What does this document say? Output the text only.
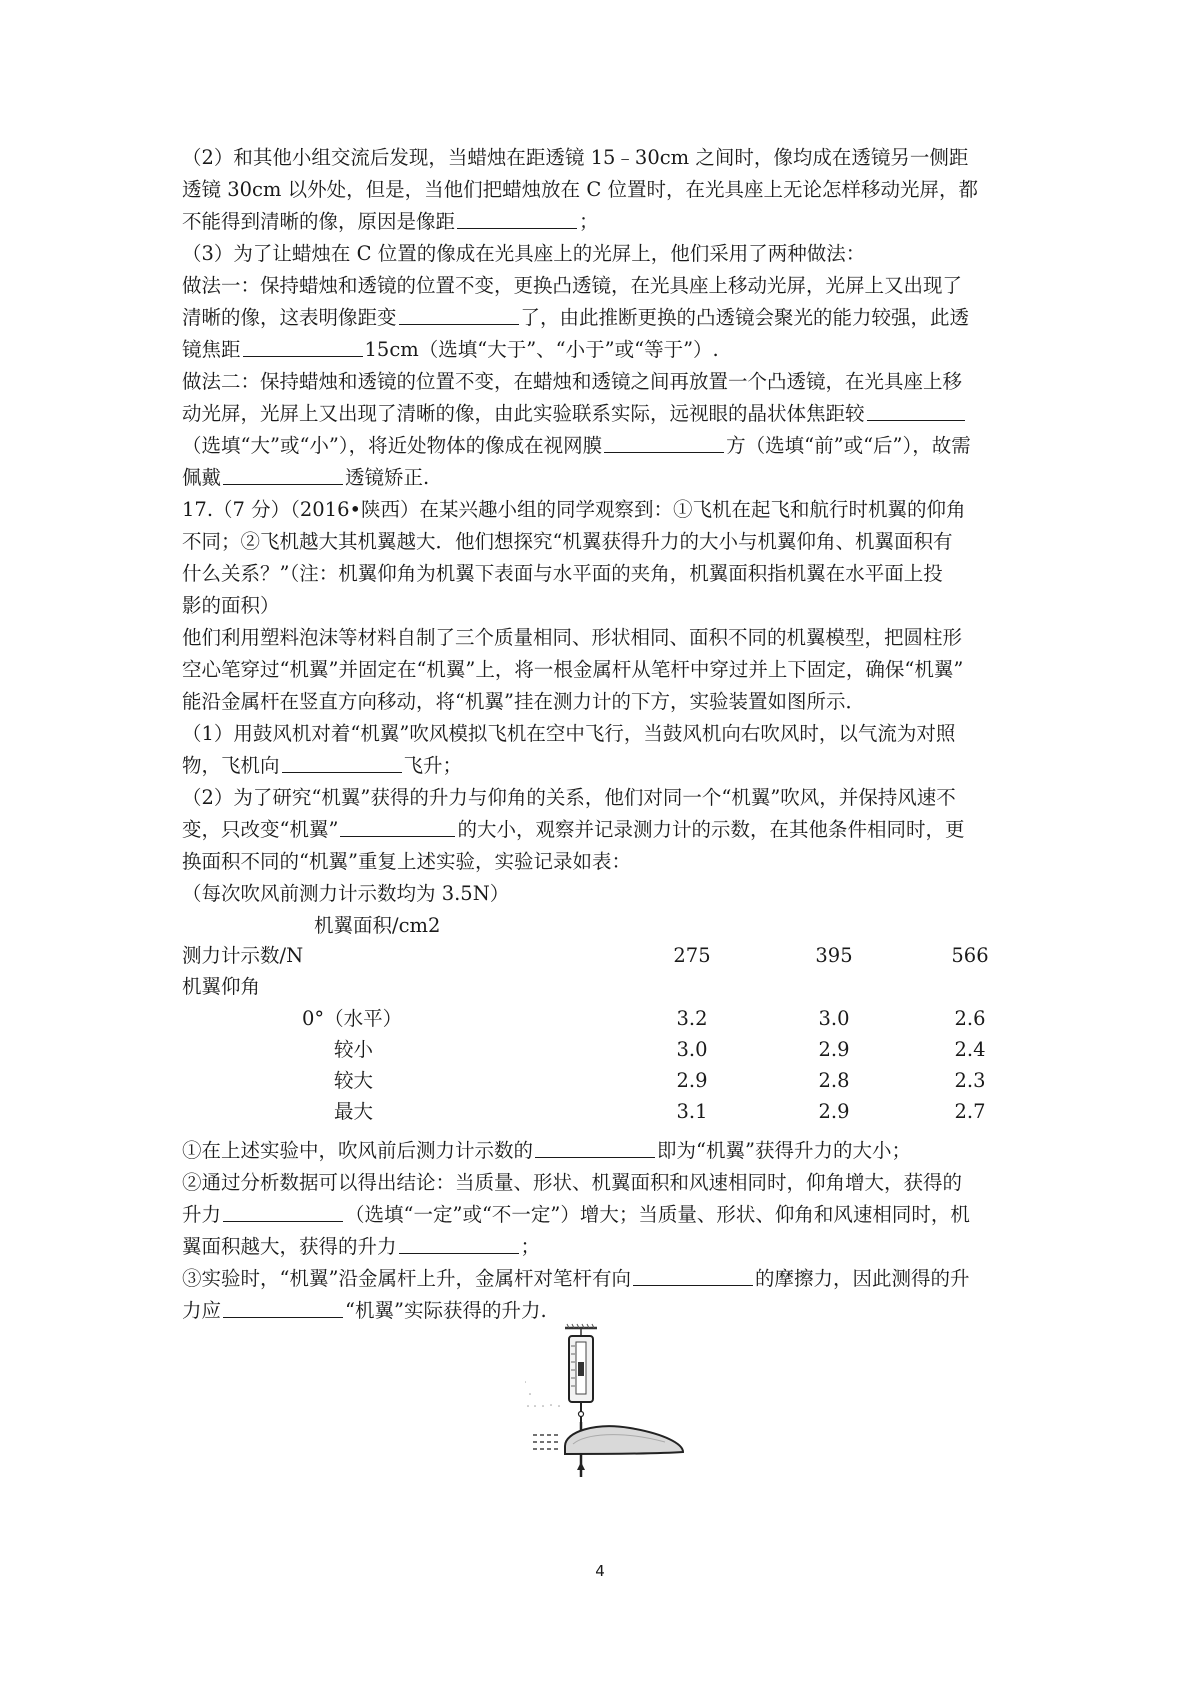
（2）和其他小组交流后发现，当蜡烛在距透镜 15﹣30cm 之间时，像均成在透镜另一侧距
透镜 30cm 以外处，但是，当他们把蜡烛放在 C 位置时，在光具座上无论怎样移动光屏，都
不能得到清晰的像，原因是像距	；
（3）为了让蜡烛在 C 位置的像成在光具座上的光屏上，他们采用了两种做法：
做法一：保持蜡烛和透镜的位置不变，更换凸透镜，在光具座上移动光屏，光屏上又出现了
清晰的像，这表明像距变	了，由此推断更换的凸透镜会聚光的能力较强，此透
镜焦距	15cm（选填“大于”、“小于”或“等于”）.
做法二：保持蜡烛和透镜的位置不变，在蜡烛和透镜之间再放置一个凸透镜，在光具座上移
动光屏，光屏上又出现了清晰的像，由此实验联系实际，远视眼的晶状体焦距较
（选填“大”或“小”），将近处物体的像成在视网膜	方（选填“前”或“后”），故需
佩戴	透镜矫正.
17.（7 分）（2016•陕西）在某兴趣小组的同学观察到：①飞机在起飞和航行时机翼的仰角
不同；②飞机越大其机翼越大．他们想探究“机翼获得升力的大小与机翼仰角、机翼面积有
什么关系？”（注：机翼仰角为机翼下表面与水平面的夹角，机翼面积指机翼在水平面上投
影的面积）
他们利用塑料泡沫等材料自制了三个质量相同、形状相同、面积不同的机翼模型，把圆柱形
空心笔穿过“机翼”并固定在“机翼”上，将一根金属杆从笔杆中穿过并上下固定，确保“机翼”
能沿金属杆在竖直方向移动，将“机翼”挂在测力计的下方，实验装置如图所示．
（1）用鼓风机对着“机翼”吹风模拟飞机在空中飞行，当鼓风机向右吹风时，以气流为对照
物，飞机向	飞升；
（2）为了研究“机翼”获得的升力与仰角的关系，他们对同一个“机翼”吹风，并保持风速不
变，只改变“机翼”	的大小，观察并记录测力计的示数，在其他条件相同时，更
换面积不同的“机翼”重复上述实验，实验记录如表：
（每次吹风前测力计示数均为 3.5N）
机翼面积/cm2
测力计示数/N	275	395	566
机翼仰角
0°（水平）	3.2	3.0	2.6
较小	3.0	2.9	2.4
较大	2.9	2.8	2.3
最大	3.1	2.9	2.7
①在上述实验中，吹风前后测力计示数的	即为“机翼”获得升力的大小；
②通过分析数据可以得出结论：当质量、形状、机翼面积和风速相同时，仰角增大，获得的
升力	（选填“一定”或“不一定”）增大；当质量、形状、仰角和风速相同时，机
翼面积越大，获得的升力	；
③实验时，“机翼”沿金属杆上升，金属杆对笔杆有向	的摩擦力，因此测得的升
力应	“机翼”实际获得的升力.
4
